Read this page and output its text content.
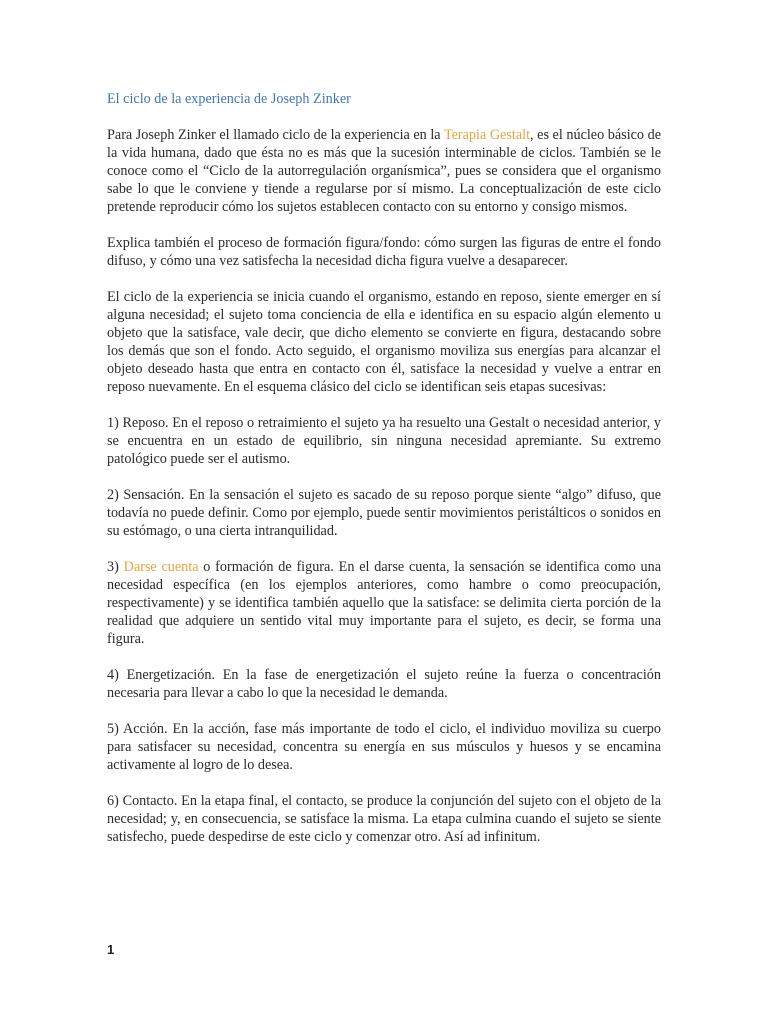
El ciclo de la experiencia de Joseph Zinker

Para Joseph Zinker el llamado ciclo de la experiencia en la Terapia Gestalt, es el núcleo básico de la vida humana, dado que ésta no es más que la sucesión interminable de ciclos. También se le conoce como el “Ciclo de la autorregulación organísmica”, pues se considera que el organismo sabe lo que le conviene y tiende a regularse por sí mismo. La conceptualización de este ciclo pretende reproducir cómo los sujetos establecen contacto con su entorno y consigo mismos.

Explica también el proceso de formación figura/fondo: cómo surgen las figuras de entre el fondo difuso, y cómo una vez satisfecha la necesidad dicha figura vuelve a desaparecer.

El ciclo de la experiencia se inicia cuando el organismo, estando en reposo, siente emerger en sí alguna necesidad; el sujeto toma conciencia de ella e identifica en su espacio algún elemento u objeto que la satisface, vale decir, que dicho elemento se convierte en figura, destacando sobre los demás que son el fondo. Acto seguido, el organismo moviliza sus energías para alcanzar el objeto deseado hasta que entra en contacto con él, satisface la necesidad y vuelve a entrar en reposo nuevamente. En el esquema clásico del ciclo se identifican seis etapas sucesivas:

1) Reposo. En el reposo o retraimiento el sujeto ya ha resuelto una Gestalt o necesidad anterior, y se encuentra en un estado de equilibrio, sin ninguna necesidad apremiante. Su extremo patológico puede ser el autismo.

2) Sensación. En la sensación el sujeto es sacado de su reposo porque siente “algo” difuso, que todavía no puede definir. Como por ejemplo, puede sentir movimientos peristálticos o sonidos en su estómago, o una cierta intranquilidad.

3) Darse cuenta o formación de figura. En el darse cuenta, la sensación se identifica como una necesidad específica (en los ejemplos anteriores, como hambre o como preocupación, respectivamente) y se identifica también aquello que la satisface: se delimita cierta porción de la realidad que adquiere un sentido vital muy importante para el sujeto, es decir, se forma una figura.

4) Energetización. En la fase de energetización el sujeto reúne la fuerza o concentración necesaria para llevar a cabo lo que la necesidad le demanda.

5) Acción. En la acción, fase más importante de todo el ciclo, el individuo moviliza su cuerpo para satisfacer su necesidad, concentra su energía en sus músculos y huesos y se encamina activamente al logro de lo desea.

6) Contacto. En la etapa final, el contacto, se produce la conjunción del sujeto con el objeto de la necesidad; y, en consecuencia, se satisface la misma. La etapa culmina cuando el sujeto se siente satisfecho, puede despedirse de este ciclo y comenzar otro. Así ad infinitum.

1
